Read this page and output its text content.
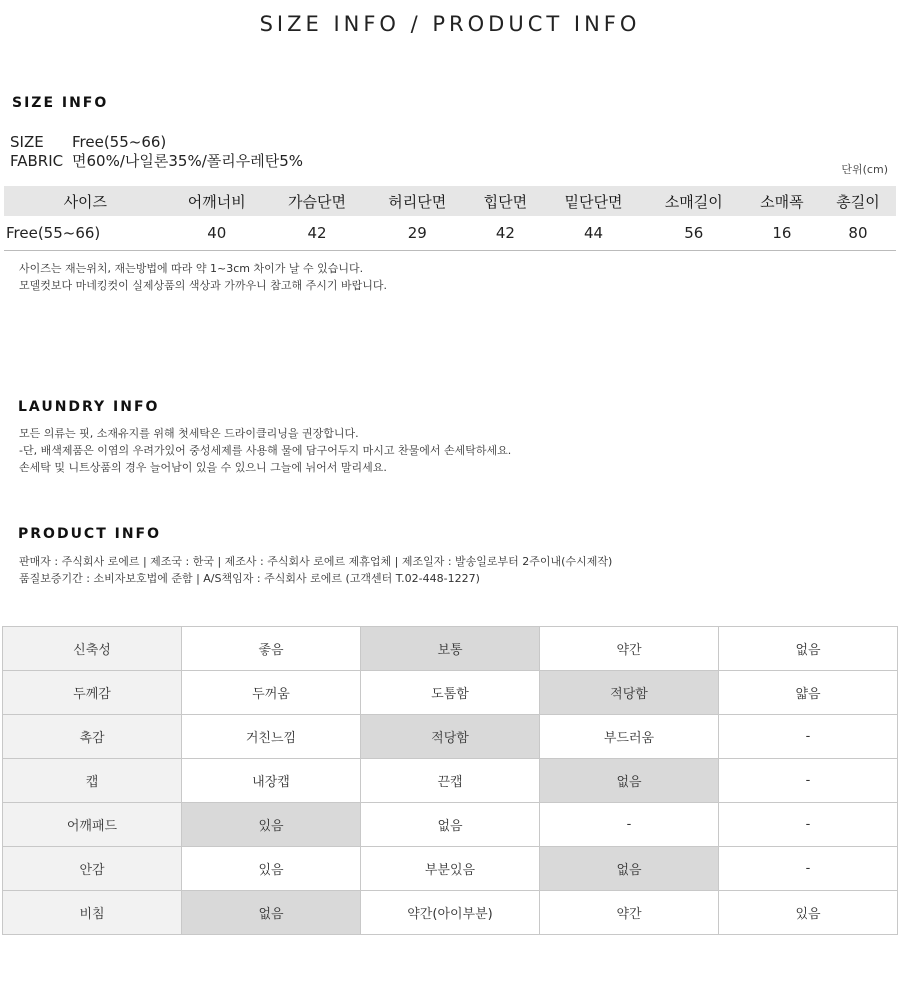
SIZE INFO / PRODUCT INFO
SIZE INFO
SIZE Free(55~66)
FABRIC 면60%/나일론35%/폴리우레탄5%	단위(cm)
사이즈	어깨너비	가슴단면	허리단면	힙단면	밑단단면	소매길이	소매폭	총길이
Free(55~66)	40	42	29	42	44	56	16	80
사이즈는 재는위치, 재는방법에 따라 약 1~3cm 차이가 날 수 있습니다.
모델컷보다 마네킹컷이 실제상품의 색상과 가까우니 참고해 주시기 바랍니다.
LAUNDRY INFO
모든 의류는 핏, 소재유지를 위해 첫세탁은 드라이클리닝을 권장합니다.
-단, 배색제품은 이염의 우려가있어 중성세제를 사용해 물에 담구어두지 마시고 찬물에서 손세탁하세요.
손세탁 및 니트상품의 경우 늘어남이 있을 수 있으니 그늘에 뉘어서 말리세요.
PRODUCT INFO
판매자 : 주식회사 로에르 | 제조국 : 한국 | 제조사 : 주식회사 로에르 제휴업체 | 제조일자 : 발송일로부터 2주이내(수시제작)
품질보증기간 : 소비자보호법에 준함 | A/S책임자 : 주식회사 로에르 (고객센터 T.02-448-1227)
신축성	좋음	보통	약간	없음
두께감	두꺼움	도톰함	적당함	얇음
촉감	거친느낌	적당함	부드러움	-
캡	내장캡	끈캡	없음	-
어깨패드	있음	없음	-	-
안감	있음	부분있음	없음	-
비침	없음	약간(아이부분)	약간	있음
